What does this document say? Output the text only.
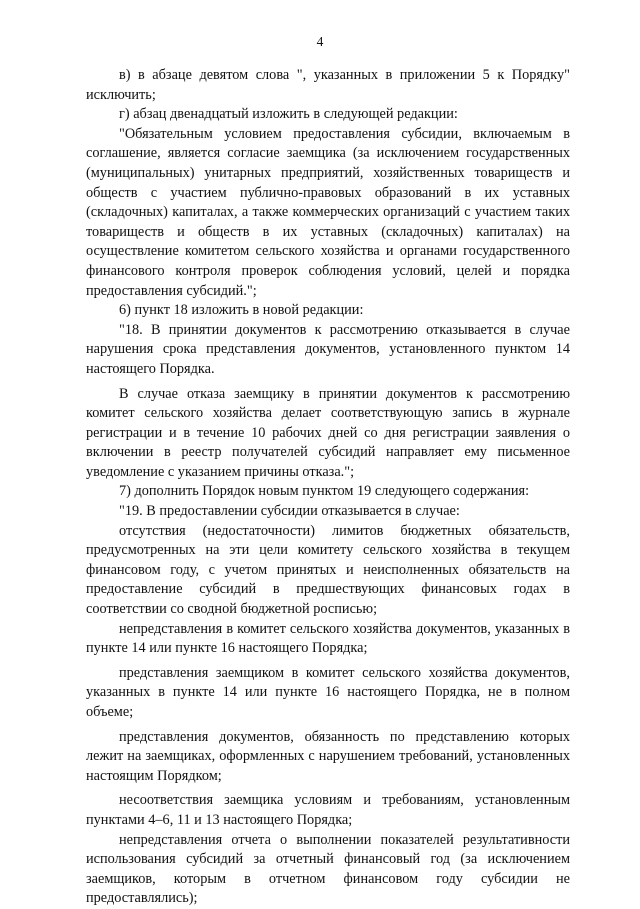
4

в) в абзаце девятом слова ", указанных в приложении 5 к Порядку" исключить;

г) абзац двенадцатый изложить в следующей редакции:

"Обязательным условием предоставления субсидии, включаемым в соглашение, является согласие заемщика (за исключением государственных (муниципальных) унитарных предприятий, хозяйственных товариществ и обществ с участием публично-правовых образований в их уставных (складочных) капиталах, а также коммерческих организаций с участием таких товариществ и обществ в их уставных (складочных) капиталах) на осуществление комитетом сельского хозяйства и органами государственного финансового контроля проверок соблюдения условий, целей и порядка предоставления субсидий.";

6) пункт 18 изложить в новой редакции:

"18. В принятии документов к рассмотрению отказывается в случае нарушения срока представления документов, установленного пунктом 14 настоящего Порядка.

В случае отказа заемщику в принятии документов к рассмотрению комитет сельского хозяйства делает соответствующую запись в журнале регистрации и в течение 10 рабочих дней со дня регистрации заявления о включении в реестр получателей субсидий направляет ему письменное уведомление с указанием причины отказа.";

7) дополнить Порядок новым пунктом 19 следующего содержания:

"19. В предоставлении субсидии отказывается в случае:

отсутствия (недостаточности) лимитов бюджетных обязательств, предусмотренных на эти цели комитету сельского хозяйства в текущем финансовом году, с учетом принятых и неисполненных обязательств на предоставление субсидий в предшествующих финансовых годах в соответствии со сводной бюджетной росписью;

непредставления в комитет сельского хозяйства документов, указанных в пункте 14 или пункте 16 настоящего Порядка;

представления заемщиком в комитет сельского хозяйства документов, указанных в пункте 14 или пункте 16 настоящего Порядка, не в полном объеме;

представления документов, обязанность по представлению которых лежит на заемщиках, оформленных с нарушением требований, установленных настоящим Порядком;

несоответствия заемщика условиям и требованиям, установленным пунктами 4–6, 11 и 13 настоящего Порядка;

непредставления отчета о выполнении показателей результативности использования субсидий за отчетный финансовый год (за исключением заемщиков, которым в отчетном финансовом году субсидии не предоставлялись);
